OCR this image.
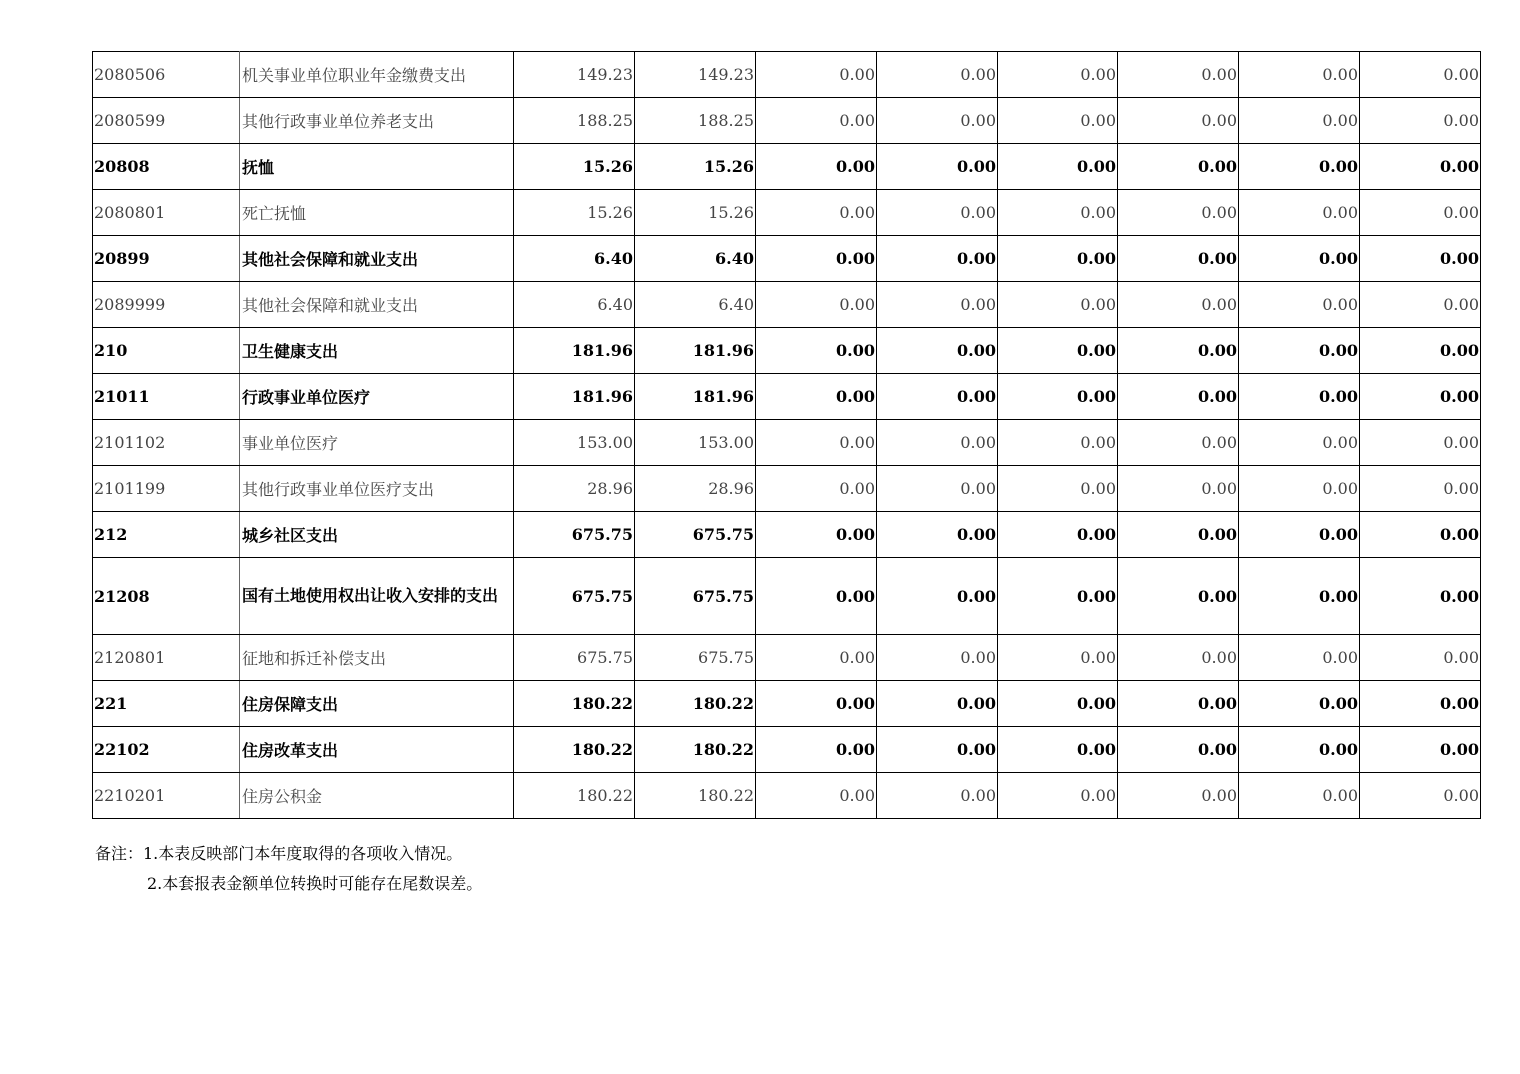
2080506	机关事业单位职业年金缴费支出	149.23	149.23	0.00	0.00	0.00	0.00	0.00	0.00
2080599	其他行政事业单位养老支出	188.25	188.25	0.00	0.00	0.00	0.00	0.00	0.00
20808	抚恤	15.26	15.26	0.00	0.00	0.00	0.00	0.00	0.00
2080801	死亡抚恤	15.26	15.26	0.00	0.00	0.00	0.00	0.00	0.00
20899	其他社会保障和就业支出	6.40	6.40	0.00	0.00	0.00	0.00	0.00	0.00
2089999	其他社会保障和就业支出	6.40	6.40	0.00	0.00	0.00	0.00	0.00	0.00
210	卫生健康支出	181.96	181.96	0.00	0.00	0.00	0.00	0.00	0.00
21011	行政事业单位医疗	181.96	181.96	0.00	0.00	0.00	0.00	0.00	0.00
2101102	事业单位医疗	153.00	153.00	0.00	0.00	0.00	0.00	0.00	0.00
2101199	其他行政事业单位医疗支出	28.96	28.96	0.00	0.00	0.00	0.00	0.00	0.00
212	城乡社区支出	675.75	675.75	0.00	0.00	0.00	0.00	0.00	0.00
21208	国有土地使用权出让收入安排的支出	675.75	675.75	0.00	0.00	0.00	0.00	0.00	0.00
2120801	征地和拆迁补偿支出	675.75	675.75	0.00	0.00	0.00	0.00	0.00	0.00
221	住房保障支出	180.22	180.22	0.00	0.00	0.00	0.00	0.00	0.00
22102	住房改革支出	180.22	180.22	0.00	0.00	0.00	0.00	0.00	0.00
2210201	住房公积金	180.22	180.22	0.00	0.00	0.00	0.00	0.00	0.00
备注：1.本表反映部门本年度取得的各项收入情况。
2.本套报表金额单位转换时可能存在尾数误差。
